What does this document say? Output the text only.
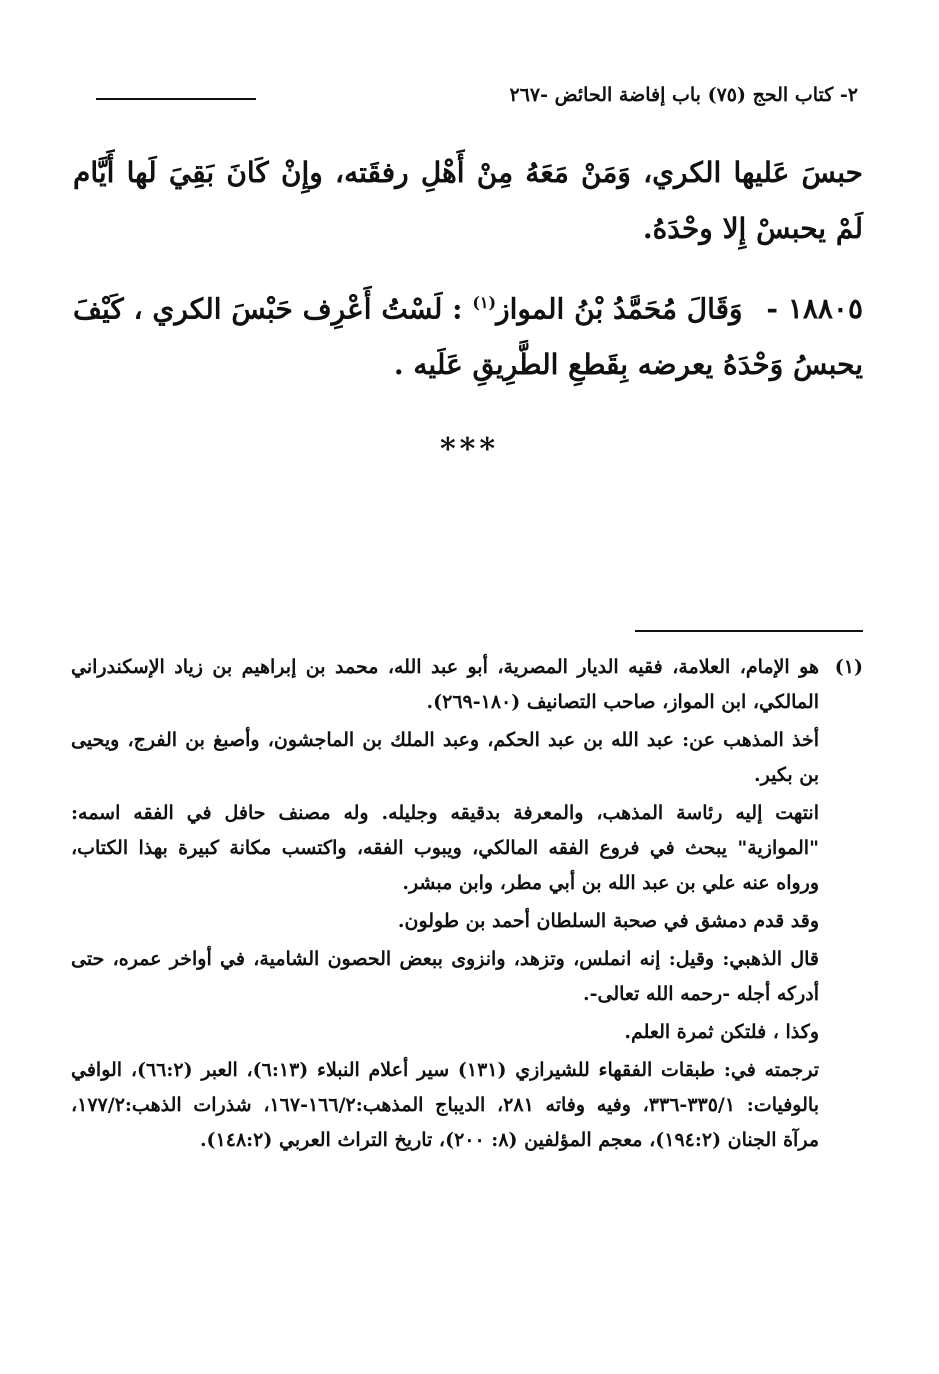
٢- كتاب الحج (٧٥) باب إفاضة الحائض -٢٦٧

حبسَ عَليها الكري، وَمَنْ مَعَهُ مِنْ أَهْلِ رفقَته، وإِنْ كَانَ بَقِيَ لَها أَيَّام لَمْ يحبسْ إِلا وحْدَهُ.

١٨٨٠٥ - وَقَالَ مُحَمَّدُ بْنُ المواز$^{(١)}$ : لَسْتُ أَعْرِف حَبْسَ الكري ، كَيْفَ يحبسُ وَحْدَهُ يعرضه بِقَطعِ الطَّرِيقِ عَلَيه .

***
(١)

هو الإمام، العلامة، فقيه الديار المصرية، أبو عبد الله، محمد بن إبراهيم بن زياد الإسكندراني المالكي، ابن المواز، صاحب التصانيف (١٨٠-٢٦٩).

أخذ المذهب عن: عبد الله بن عبد الحكم، وعبد الملك بن الماجشون، وأصبغ بن الفرج، ويحيى بن بكير.

انتهت إليه رئاسة المذهب، والمعرفة بدقيقه وجليله. وله مصنف حافل في الفقه اسمه: "الموازية" يبحث في فروع الفقه المالكي، ويبوب الفقه، واكتسب مكانة كبيرة بهذا الكتاب، ورواه عنه علي بن عبد الله بن أبي مطر، وابن مبشر.

وقد قدم دمشق في صحبة السلطان أحمد بن طولون.

قال الذهبي: وقيل: إنه انملس، وتزهد، وانزوى ببعض الحصون الشامية، في أواخر عمره، حتى أدركه أجله -رحمه الله تعالى-.

وكذا ، فلتكن ثمرة العلم.

ترجمته في: طبقات الفقهاء للشيرازي (١٣١) سير أعلام النبلاء (٦:١٣)، العبر (٦٦:٢)، الوافي بالوفيات: ٣٣٥/١-٣٣٦، وفيه وفاته ٢٨١، الديباج المذهب:١٦٦/٢-١٦٧، شذرات الذهب:١٧٧/٢، مرآة الجنان (١٩٤:٢)، معجم المؤلفين (٨: ٢٠٠)، تاريخ التراث العربي (١٤٨:٢).
